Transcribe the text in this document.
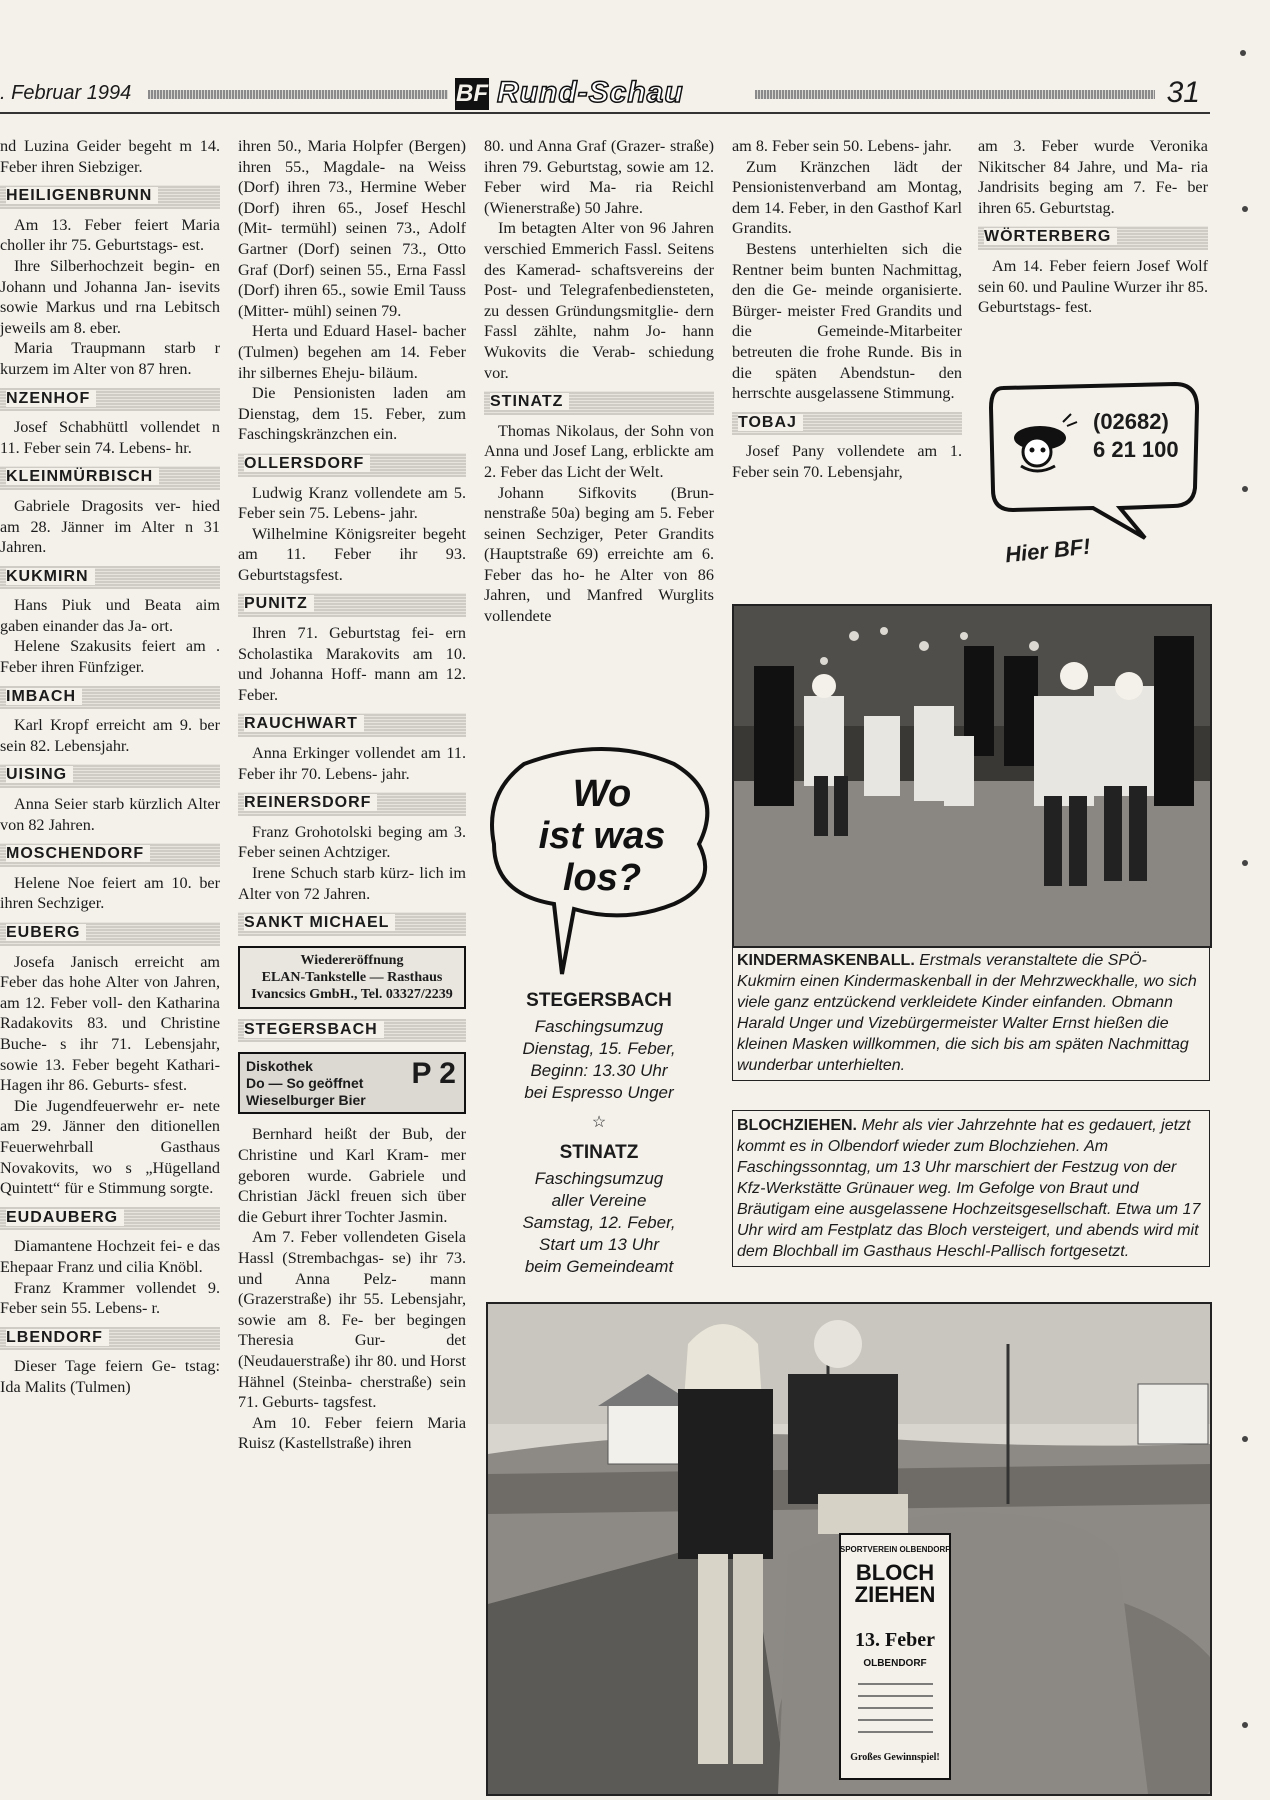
. Februar 1994	BF Rund-Schau	31

nd Luzina Geider begeht m 14. Feber ihren Siebziger.

HEILIGENBRUNN

Am 13. Feber feiert Maria choller ihr 75. Geburtstags- est.

Ihre Silberhochzeit begin- en Johann und Johanna Jan- isevits sowie Markus und rna Lebitsch jeweils am 8. eber.

Maria Traupmann starb r kurzem im Alter von 87 hren.

NZENHOF

Josef Schabhüttl vollendet n 11. Feber sein 74. Lebens- hr.

KLEINMÜRBISCH

Gabriele Dragosits ver- hied am 28. Jänner im Alter n 31 Jahren.

KUKMIRN

Hans Piuk und Beata aim gaben einander das Ja- ort.

Helene Szakusits feiert am . Feber ihren Fünfziger.

IMBACH

Karl Kropf erreicht am 9. ber sein 82. Lebensjahr.

UISING

Anna Seier starb kürzlich Alter von 82 Jahren.

MOSCHENDORF

Helene Noe feiert am 10. ber ihren Sechziger.

EUBERG

Josefa Janisch erreicht am Feber das hohe Alter von Jahren, am 12. Feber voll- den Katharina Radakovits 83. und Christine Buche- s ihr 71. Lebensjahr, sowie 13. Feber begeht Kathari- Hagen ihr 86. Geburts- sfest.

Die Jugendfeuerwehr er- nete am 29. Jänner den ditionellen Feuerwehrball Gasthaus Novakovits, wo s „Hügelland Quintett“ für e Stimmung sorgte.

EUDAUBERG

Diamantene Hochzeit fei- e das Ehepaar Franz und cilia Knöbl.

Franz Krammer vollendet 9. Feber sein 55. Lebens- r.

LBENDORF

Dieser Tage feiern Ge- tstag: Ida Malits (Tulmen)

ihren 50., Maria Holpfer (Bergen) ihren 55., Magdale- na Weiss (Dorf) ihren 73., Hermine Weber (Dorf) ihren 65., Josef Heschl (Mit- termühl) seinen 73., Adolf Gartner (Dorf) seinen 73., Otto Graf (Dorf) seinen 55., Erna Fassl (Dorf) ihren 65., sowie Emil Tauss (Mitter- mühl) seinen 79.

Herta und Eduard Hasel- bacher (Tulmen) begehen am 14. Feber ihr silbernes Eheju- biläum.

Die Pensionisten laden am Dienstag, dem 15. Feber, zum Faschingskränzchen ein.

OLLERSDORF

Ludwig Kranz vollendete am 5. Feber sein 75. Lebens- jahr.

Wilhelmine Königsreiter begeht am 11. Feber ihr 93. Geburtstagsfest.

PUNITZ

Ihren 71. Geburtstag fei- ern Scholastika Marakovits am 10. und Johanna Hoff- mann am 12. Feber.

RAUCHWART

Anna Erkinger vollendet am 11. Feber ihr 70. Lebens- jahr.

REINERSDORF

Franz Grohotolski beging am 3. Feber seinen Achtziger.

Irene Schuch starb kürz- lich im Alter von 72 Jahren.

SANKT MICHAEL
Wiedereröffnung
ELAN-Tankstelle — Rasthaus
Ivancsics GmbH., Tel. 03327/2239
STEGERSBACH
Diskothek
Do — So geöffnet
Wieselburger Bier
P 2

Bernhard heißt der Bub, der Christine und Karl Kram- mer geboren wurde. Gabriele und Christian Jäckl freuen sich über die Geburt ihrer Tochter Jasmin.

Am 7. Feber vollendeten Gisela Hassl (Strembachgas- se) ihr 73. und Anna Pelz- mann (Grazerstraße) ihr 55. Lebensjahr, sowie am 8. Fe- ber begingen Theresia Gur- det (Neudauerstraße) ihr 80. und Horst Hähnel (Steinba- cherstraße) sein 71. Geburts- tagsfest.

Am 10. Feber feiern Maria Ruisz (Kastellstraße) ihren

80. und Anna Graf (Grazer- straße) ihren 79. Geburtstag, sowie am 12. Feber wird Ma- ria Reichl (Wienerstraße) 50 Jahre.

Im betagten Alter von 96 Jahren verschied Emmerich Fassl. Seitens des Kamerad- schaftsvereins der Post- und Telegrafenbediensteten, zu dessen Gründungsmitglie- dern Fassl zählte, nahm Jo- hann Wukovits die Verab- schiedung vor.

STINATZ

Thomas Nikolaus, der Sohn von Anna und Josef Lang, erblickte am 2. Feber das Licht der Welt.

Johann Sifkovits (Brun- nenstraße 50a) beging am 5. Feber seinen Sechziger, Peter Grandits (Hauptstraße 69) erreichte am 6. Feber das ho- he Alter von 86 Jahren, und Manfred Wurglits vollendete

am 8. Feber sein 50. Lebens- jahr.

Zum Kränzchen lädt der Pensionistenverband am Montag, dem 14. Feber, in den Gasthof Karl Grandits.

Bestens unterhielten sich die Rentner beim bunten Nachmittag, den die Ge- meinde organisierte. Bürger- meister Fred Grandits und die Gemeinde-Mitarbeiter betreuten die frohe Runde. Bis in die späten Abendstun- den herrschte ausgelassene Stimmung.

TOBAJ

Josef Pany vollendete am 1. Feber sein 70. Lebensjahr,

am 3. Feber wurde Veronika Nikitscher 84 Jahre, und Ma- ria Jandrisits beging am 7. Fe- ber ihren 65. Geburtstag.

WÖRTERBERG

Am 14. Feber feiern Josef Wolf sein 60. und Pauline Wurzer ihr 85. Geburtstags- fest.

(02682)
6 21 100
Hier BF!
KINDERMASKENBALL. Erstmals veranstaltete die SPÖ-Kukmirn einen Kindermaskenball in der Mehrzweckhalle, wo sich viele ganz entzückend verkleidete Kinder einfanden. Obmann Harald Unger und Vizebürgermeister Walter Ernst hießen die kleinen Masken willkommen, die sich bis am späten Nachmittag wunderbar unterhielten.
BLOCHZIEHEN. Mehr als vier Jahrzehnte hat es gedauert, jetzt kommt es in Olbendorf wieder zum Blochziehen. Am Faschingssonntag, um 13 Uhr marschiert der Festzug von der Kfz-Werkstätte Grünauer weg. Im Gefolge von Braut und Bräutigam eine ausgelassene Hochzeitsgesellschaft. Etwa um 17 Uhr wird am Festplatz das Bloch versteigert, und abends wird mit dem Blochball im Gasthaus Heschl-Pallisch fortgesetzt.
Wo
ist was
los?
STEGERSBACH
Faschingsumzug
Dienstag, 15. Feber,
Beginn: 13.30 Uhr
bei Espresso Unger
☆
STINATZ
Faschingsumzug
aller Vereine
Samstag, 12. Feber,
Start um 13 Uhr
beim Gemeindeamt
SPORTVEREIN OLBENDORF
BLOCH
ZIEHEN
13. Feber
OLBENDORF
Großes Gewinnspiel!
